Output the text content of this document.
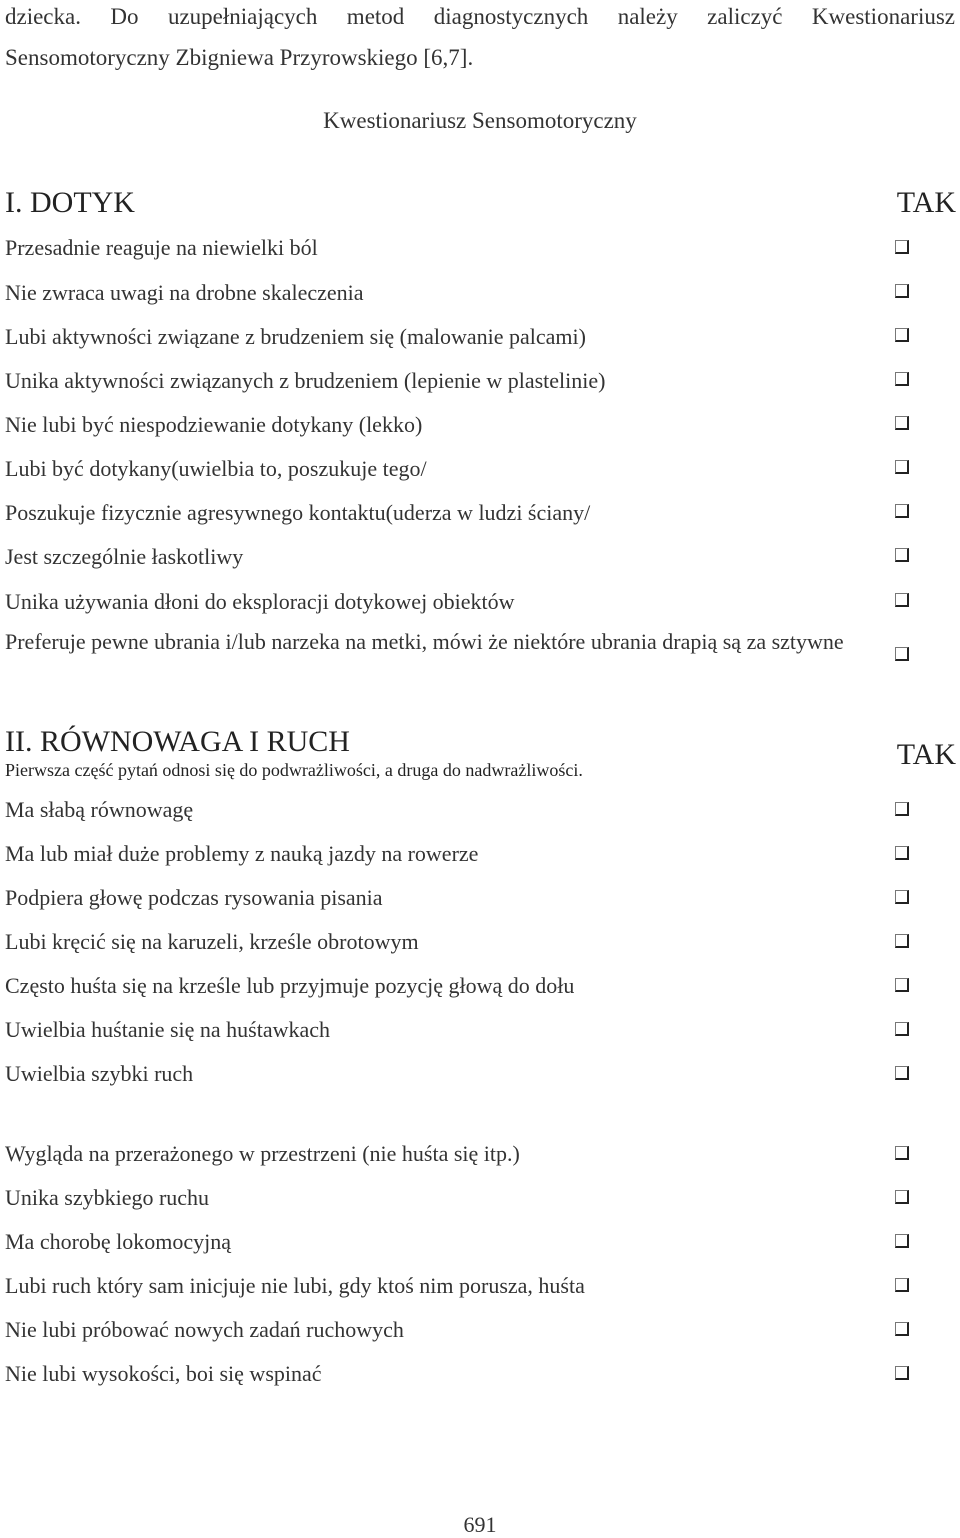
dziecka. Do uzupełniających metod diagnostycznych należy zaliczyć Kwestionariusz
Sensomotoryczny Zbigniewa Przyrowskiego [6,7].

Kwestionariusz Sensomotoryczny
I. DOTYK	TAK
Przesadnie reaguje na niewielki ból
Nie zwraca uwagi na drobne skaleczenia
Lubi aktywności związane z brudzeniem się (malowanie palcami)
Unika aktywności związanych z brudzeniem (lepienie w plastelinie)
Nie lubi być niespodziewanie dotykany (lekko)
Lubi być dotykany(uwielbia to, poszukuje tego/
Poszukuje fizycznie agresywnego kontaktu(uderza w ludzi ściany/
Jest szczególnie łaskotliwy
Unika używania dłoni do eksploracji dotykowej obiektów
Preferuje pewne ubrania i/lub narzeka na metki, mówi że niektóre ubrania drapią są za sztywne
II. RÓWNOWAGA I RUCH	TAK
Pierwsza część pytań odnosi się do podwrażliwości, a druga do nadwrażliwości.
Ma słabą równowagę
Ma lub miał duże problemy z nauką jazdy na rowerze
Podpiera głowę podczas rysowania pisania
Lubi kręcić się na karuzeli, krześle obrotowym
Często huśta się na krześle lub przyjmuje pozycję głową do dołu
Uwielbia huśtanie się na huśtawkach
Uwielbia szybki ruch
Wygląda na przerażonego w przestrzeni (nie huśta się itp.)
Unika szybkiego ruchu
Ma chorobę lokomocyjną
Lubi ruch który sam inicjuje nie lubi, gdy ktoś nim porusza, huśta
Nie lubi próbować nowych zadań ruchowych
Nie lubi wysokości, boi się wspinać
691
